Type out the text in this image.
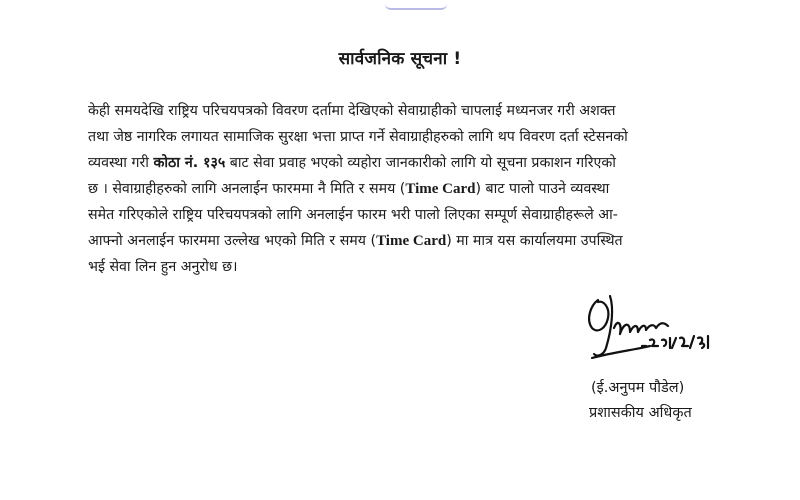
सार्वजनिक सूचना !
केही समयदेखि राष्ट्रिय परिचयपत्रको विवरण दर्तामा देखिएको सेवाग्राहीको चापलाई मध्यनजर गरी अशक्त
तथा जेष्ठ नागरिक लगायत सामाजिक सुरक्षा भत्ता प्राप्त गर्ने सेवाग्राहीहरुको लागि थप विवरण दर्ता स्टेसनको
व्यवस्था गरी कोठा नं. १३५ बाट सेवा प्रवाह भएको व्यहोरा जानकारीको लागि यो सूचना प्रकाशन गरिएको
छ । सेवाग्राहीहरुको लागि अनलाईन फारममा नै मिति र समय (Time Card) बाट पालो पाउने व्यवस्था
समेत गरिएकोले राष्ट्रिय परिचयपत्रको लागि अनलाईन फारम भरी पालो लिएका सम्पूर्ण सेवाग्राहीहरूले आ-
आफ्नो अनलाईन फारममा उल्लेख भएको मिति र समय (Time Card) मा मात्र यस कार्यालयमा उपस्थित
भई सेवा लिन हुन अनुरोध छ।
(ई.अनुपम पौडेल)
प्रशासकीय अधिकृत
